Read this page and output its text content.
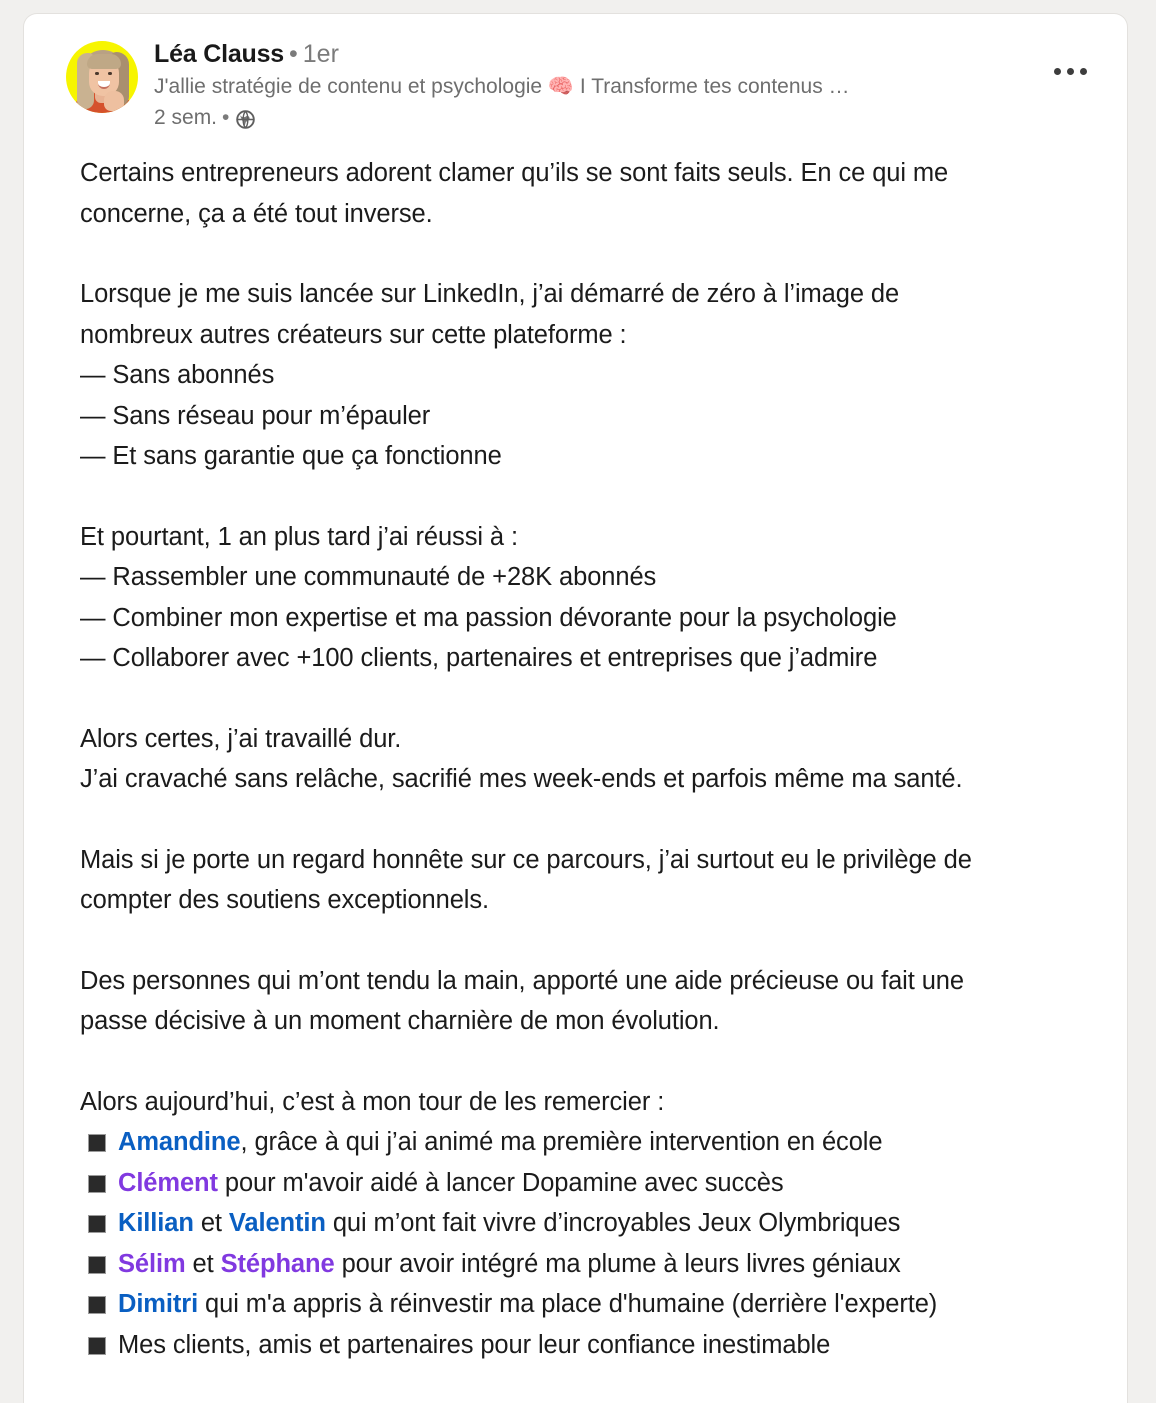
Léa Clauss • 1er
J'allie stratégie de contenu et psychologie 🧠 I Transforme tes contenus …
2 sem. •
Certains entrepreneurs adorent clamer qu’ils se sont faits seuls. En ce qui me
concerne, ça a été tout inverse.
Lorsque je me suis lancée sur LinkedIn, j’ai démarré de zéro à l’image de
nombreux autres créateurs sur cette plateforme :
— Sans abonnés
— Sans réseau pour m’épauler
— Et sans garantie que ça fonctionne
Et pourtant, 1 an plus tard j’ai réussi à :
— Rassembler une communauté de +28K abonnés
— Combiner mon expertise et ma passion dévorante pour la psychologie
— Collaborer avec +100 clients, partenaires et entreprises que j’admire
Alors certes, j’ai travaillé dur.
J’ai cravaché sans relâche, sacrifié mes week-ends et parfois même ma santé.
Mais si je porte un regard honnête sur ce parcours, j’ai surtout eu le privilège de
compter des soutiens exceptionnels.
Des personnes qui m’ont tendu la main, apporté une aide précieuse ou fait une
passe décisive à un moment charnière de mon évolution.
Alors aujourd’hui, c’est à mon tour de les remercier :
Amandine, grâce à qui j’ai animé ma première intervention en école
Clément pour m'avoir aidé à lancer Dopamine avec succès
Killian et Valentin qui m’ont fait vivre d’incroyables Jeux Olymbriques
Sélim et Stéphane pour avoir intégré ma plume à leurs livres géniaux
Dimitri qui m'a appris à réinvestir ma place d'humaine (derrière l'experte)
Mes clients, amis et partenaires pour leur confiance inestimable
